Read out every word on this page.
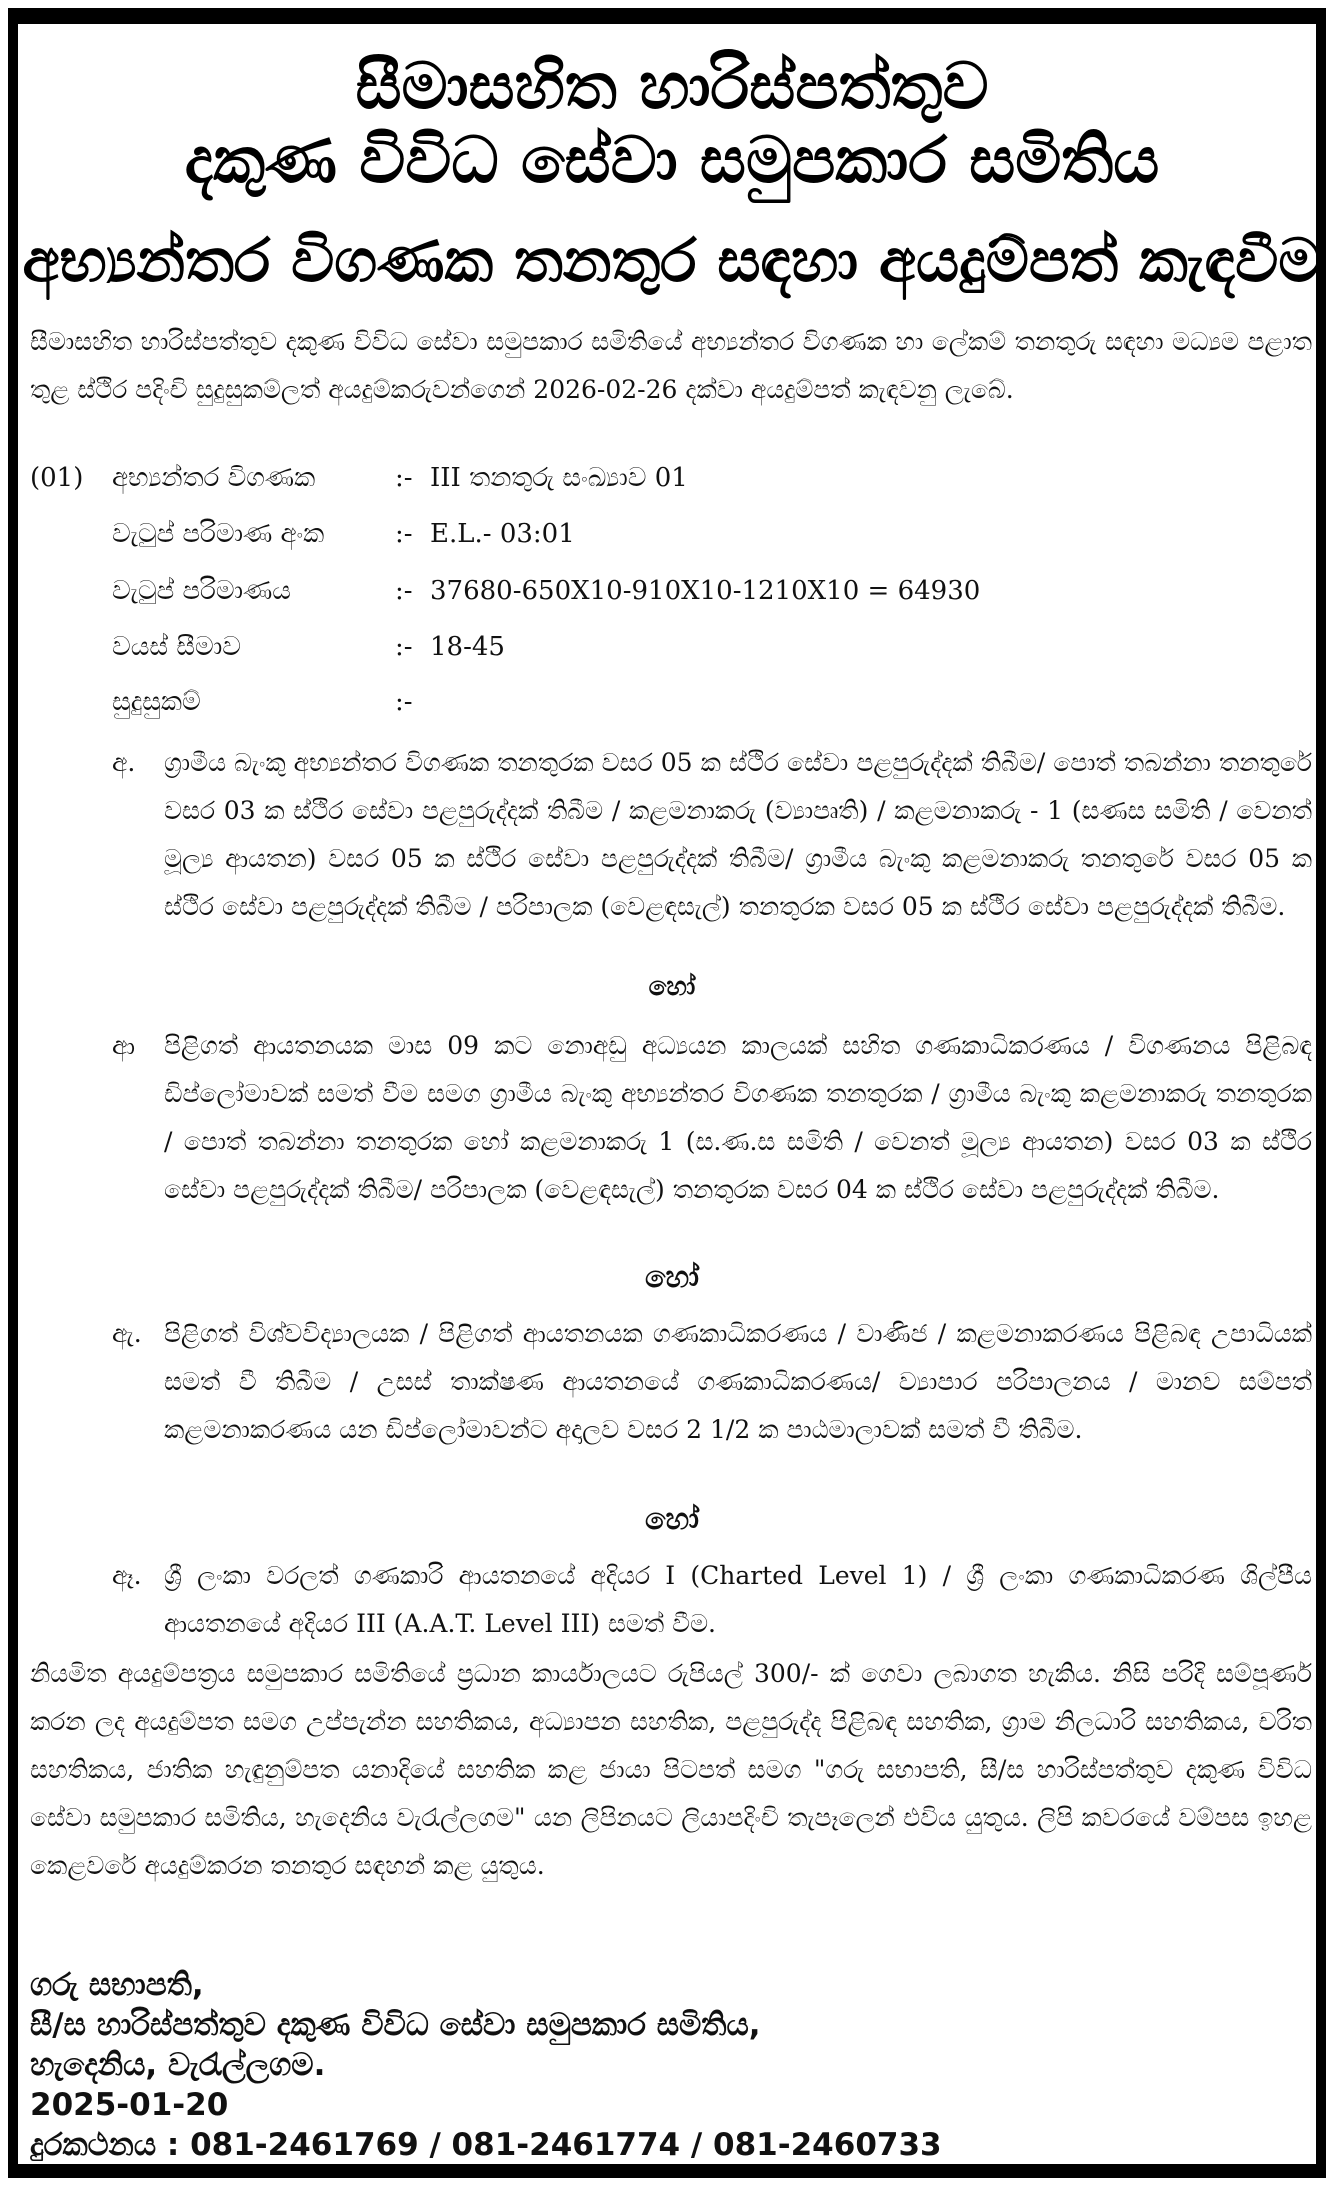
සීමාසහිත හාරිස්පත්තුව
දකුණ විවිධ සේවා සමුපකාර සමිතිය
අභ්‍යන්තර විගණක තනතුර සඳහා අයදුම්පත් කැඳවීම
සීමාසහිත හාරිස්පත්තුව දකුණ විවිධ සේවා සමුපකාර සමිතියේ අභ්‍යන්තර විගණක හා ලේකම් තනතුරු සඳහා මධ්‍යම පළාත තුළ ස්ථිර පදිංචි සුදුසුකම්ලත් අයදුම්කරුවන්ගෙන් 2026-02-26 දක්වා අයදුම්පත් කැඳවනු ලැබේ.
(01) අභ්‍යන්තර විගණක	:- III තනතුරු සංඛ්‍යාව 01
වැටුප් පරිමාණ අංක	:- E.L.- 03:01
වැටුප් පරිමාණය	:- 37680-650X10-910X10-1210X10 = 64930
වයස් සීමාව	:- 18-45
සුදුසුකම්	:-
අ. ග්‍රාමීය බැංකු අභ්‍යන්තර විගණක තනතුරක වසර 05 ක ස්ථිර සේවා පළපුරුද්දක් තිබීම/ පොත් තබන්නා තනතුරේ වසර 03 ක ස්ථිර සේවා පළපුරුද්දක් තිබීම / කළමනාකරු (ව්‍යාපෘති) / කළමනාකරු - 1 (සණස සමිති / වෙනත් මූල්‍ය ආයතන) වසර 05 ක ස්ථිර සේවා පළපුරුද්දක් තිබීම/ ග්‍රාමීය බැංකු කළමනාකරු තනතුරේ වසර 05 ක ස්ථිර සේවා පළපුරුද්දක් තිබීම / පරිපාලක (වෙළඳසැල්) තනතුරක වසර 05 ක ස්ථිර සේවා පළපුරුද්දක් තිබීම.
හෝ
ආ පිළිගත් ආයතනයක මාස 09 කට නොඅඩු අධ්‍යයන කාලයක් සහිත ගණකාධිකරණය / විගණනය පිළිබඳ ඩිප්ලෝමාවක් සමත් වීම සමග ග්‍රාමීය බැංකු අභ්‍යන්තර විගණක තනතුරක / ග්‍රාමීය බැංකු කළමනාකරු තනතුරක / පොත් තබන්නා තනතුරක හෝ කළමනාකරු 1 (ස.ණ.ස සමිති / වෙනත් මූල්‍ය ආයතන) වසර 03 ක ස්ථිර සේවා පළපුරුද්දක් තිබීම/ පරිපාලක (වෙළඳසැල්) තනතුරක වසර 04 ක ස්ථිර සේවා පළපුරුද්දක් තිබීම.
හෝ
ඇ. පිළිගත් විශ්වවිද්‍යාලයක / පිළිගත් ආයතනයක ගණකාධිකරණය / වාණිජ / කළමනාකරණය පිළිබඳ උපාධියක් සමත් වී තිබීම / උසස් තාක්ෂණ ආයතනයේ ගණකාධිකරණය/ ව්‍යාපාර පරිපාලනය / මානව සම්පත් කළමනාකරණය යන ඩිප්ලෝමාවන්ට අදාලව වසර 2 1/2 ක පාඨමාලාවක් සමත් වී තිබීම.
හෝ
ඈ. ශ්‍රී ලංකා වරලත් ගණකාරි ආයතනයේ අදියර I (Charted Level 1) / ශ්‍රී ලංකා ගණකාධිකරණ ශිල්පීය ආයතනයේ අදියර III (A.A.T. Level III) සමත් වීම.
නියමිත අයදුම්පත්‍රය සමුපකාර සමිතියේ ප්‍රධාන කාර්යාලයට රුපියල් 300/- ක් ගෙවා ලබාගත හැකිය. නිසි පරිදි සම්පූර්ණ කරන ලද අයදුම්පත සමග උප්පැන්න සහතිකය, අධ්‍යාපන සහතික, පළපුරුද්ද පිළිබඳ සහතික, ග්‍රාම නිලධාරි සහතිකය, චරිත සහතිකය, ජාතික හැඳුනුම්පත යනාදියේ සහතික කළ ජායා පිටපත් සමග "ගරු සභාපති, සී/ස හාරිස්පත්තුව දකුණ විවිධ සේවා සමුපකාර සමිතිය, හැදෙනිය වැරැල්ලගම" යන ලිපිනයට ලියාපදිංචි තැපෑලෙන් එවිය යුතුය. ලිපි කවරයේ වම්පස ඉහළ කෙළවරේ අයදුම්කරන තනතුර සඳහන් කළ යුතුය.
ගරු සභාපති,
සී/ස හාරිස්පත්තුව දකුණ විවිධ සේවා සමුපකාර සමිතිය,
හැදෙනිය, වැරැල්ලගම.
2025-01-20
දුරකථනය : 081-2461769 / 081-2461774 / 081-2460733
